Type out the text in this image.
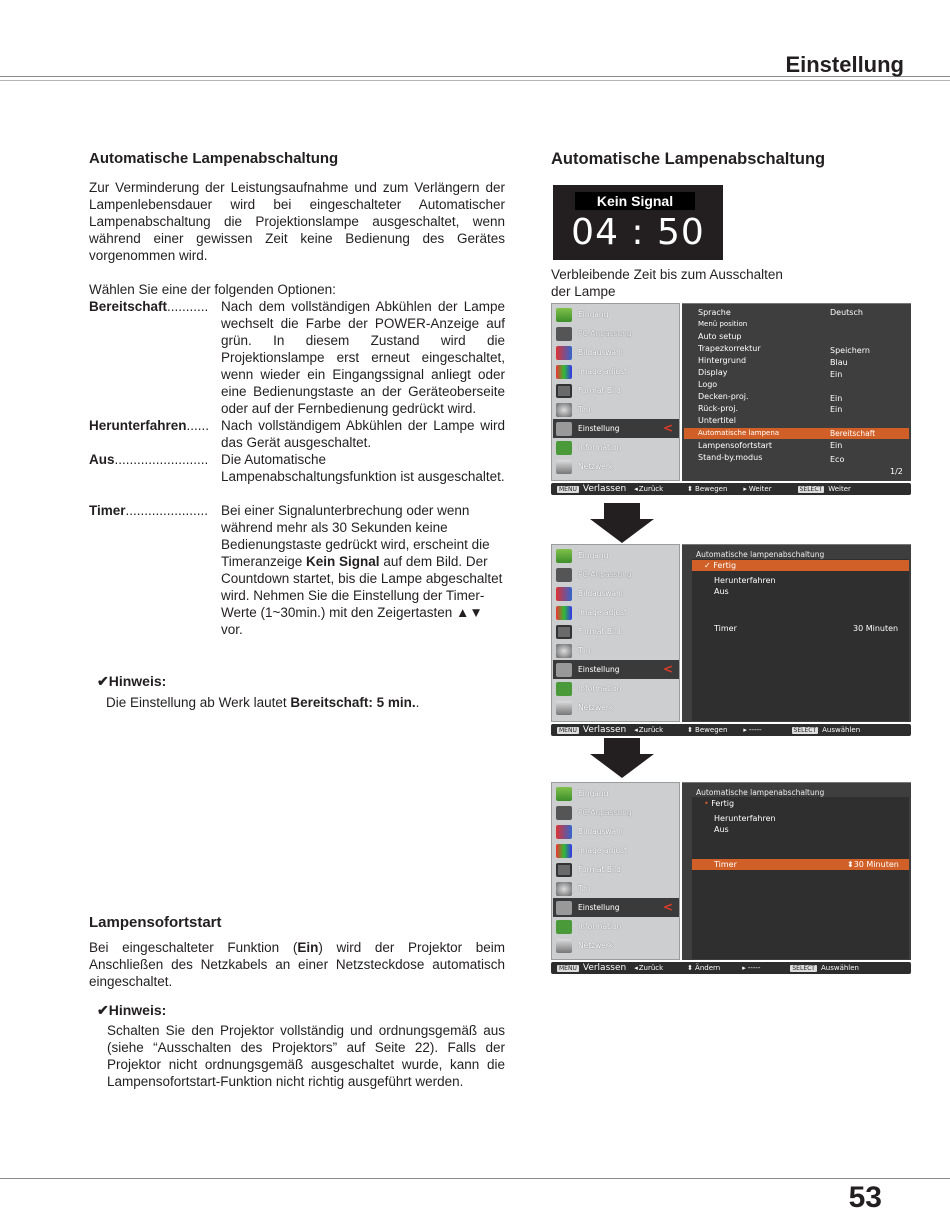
Einstellung
Automatische Lampenabschaltung

Zur Verminderung der Leistungsaufnahme und zum Verlängern der Lampenlebensdauer wird bei eingeschalteter Automatischer Lampenabschaltung die Projektionslampe ausgeschaltet, wenn während einer gewissen Zeit keine Bedienung des Gerätes vorgenommen wird.

Wählen Sie eine der folgenden Optionen:

Bereitschaft........... Nach dem vollständigen Abkühlen der Lampe wechselt die Farbe der POWER-Anzeige auf grün. In diesem Zustand wird die Projektionslampe erst erneut eingeschaltet, wenn wieder ein Eingangssignal anliegt oder eine Bedienungstaste an der Geräteoberseite oder auf der Fernbedienung gedrückt wird.
Herunterfahren...... Nach vollständigem Abkühlen der Lampe wird das Gerät ausgeschaltet.
Aus......................... Die Automatische Lampenabschaltungsfunktion ist ausgeschaltet.
Timer...................... Bei einer Signalunterbrechung oder wenn während mehr als 30 Sekunden keine Bedienungstaste gedrückt wird, erscheint die Timeranzeige Kein Signal auf dem Bild. Der Countdown startet, bis die Lampe abgeschaltet wird. Nehmen Sie die Einstellung der Timer-Werte (1~30min.) mit den Zeigertasten ▲▼ vor.
✔Hinweis:
Die Einstellung ab Werk lautet Bereitschaft: 5 min..
Lampensofortstart

Bei eingeschalteter Funktion (Ein) wird der Projektor beim Anschließen des Netzkabels an einer Netzsteckdose automatisch eingeschaltet.

✔Hinweis:

Schalten Sie den Projektor vollständig und ordnungsgemäß aus (siehe “Ausschalten des Projektors” auf Seite 22). Falls der Projektor nicht ordnungsgemäß ausgeschaltet wurde, kann die Lampensofortstart-Funktion nicht richtig ausgeführt werden.

Automatische Lampenabschaltung
Kein Signal
04 : 50
Verbleibende Zeit bis zum Ausschalten der Lampe
Eingang
PC-Anpassung
Bildauswahl
Image adjust
Format Bild
Ton
Einstellung	<
Information
Netzwerk
Sprache	Deutsch
Menü position
Auto setup
Trapezkorrektur	Speichern
Hintergrund	Blau
Display	Ein
Logo
Decken-proj.	Ein
Rück-proj.	Ein
Untertitel
Automatische lampena	Bereitschaft
Lampensofortstart	Ein
Stand-by.modus	Eco
1/2
MENU Verlassen ◂ Zurück	⬍ Bewegen ▸ Weiter	SELECT Weiter
Eingang
PC-Anpassung
Bildauswahl
Image adjust
Format Bild
Ton
Einstellung	<
Information
Netzwerk
Automatische lampenabschaltung
✓ Fertig
Herunterfahren
Aus
Timer	30 Minuten
MENU Verlassen ◂ Zurück	⬍ Bewegen ▸ -----	SELECT Auswählen
Eingang
PC-Anpassung
Bildauswahl
Image adjust
Format Bild
Ton
Einstellung	<
Information
Netzwerk
Automatische lampenabschaltung
• Fertig
Herunterfahren
Aus
Timer	⬍30 Minuten
MENU Verlassen ◂ Zurück	⬍ Ändern	▸ -----	SELECT Auswählen
53
